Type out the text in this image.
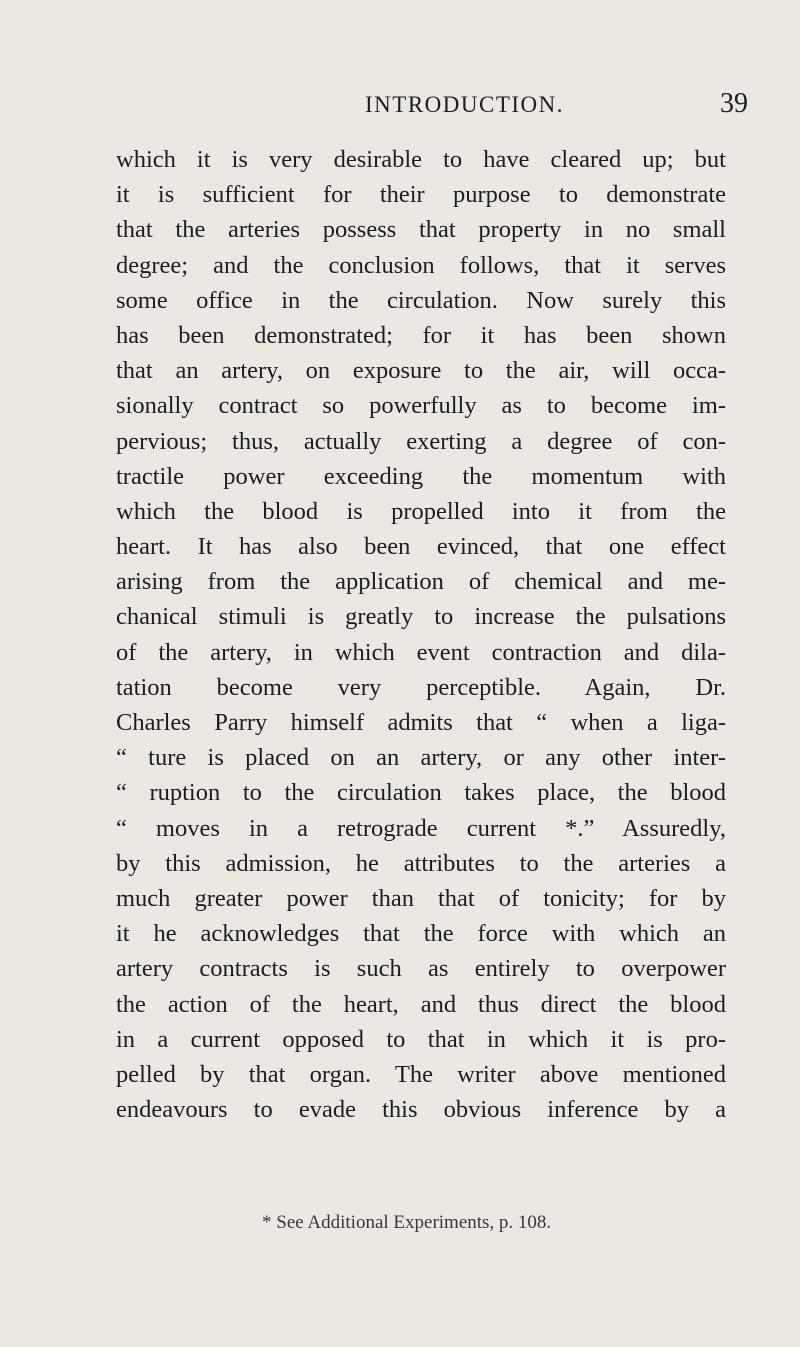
INTRODUCTION.	39
which it is very desirable to have cleared up; but
it is sufficient for their purpose to demonstrate
that the arteries possess that property in no small
degree; and the conclusion follows, that it serves
some office in the circulation. Now surely this
has been demonstrated; for it has been shown
that an artery, on exposure to the air, will occa-
sionally contract so powerfully as to become im-
pervious; thus, actually exerting a degree of con-
tractile power exceeding the momentum with
which the blood is propelled into it from the
heart. It has also been evinced, that one effect
arising from the application of chemical and me-
chanical stimuli is greatly to increase the pulsations
of the artery, in which event contraction and dila-
tation become very perceptible. Again, Dr.
Charles Parry himself admits that “ when a liga-
“ ture is placed on an artery, or any other inter-
“ ruption to the circulation takes place, the blood
“ moves in a retrograde current *.” Assuredly,
by this admission, he attributes to the arteries a
much greater power than that of tonicity; for by
it he acknowledges that the force with which an
artery contracts is such as entirely to overpower
the action of the heart, and thus direct the blood
in a current opposed to that in which it is pro-
pelled by that organ. The writer above mentioned
endeavours to evade this obvious inference by a
* See Additional Experiments, p. 108.
